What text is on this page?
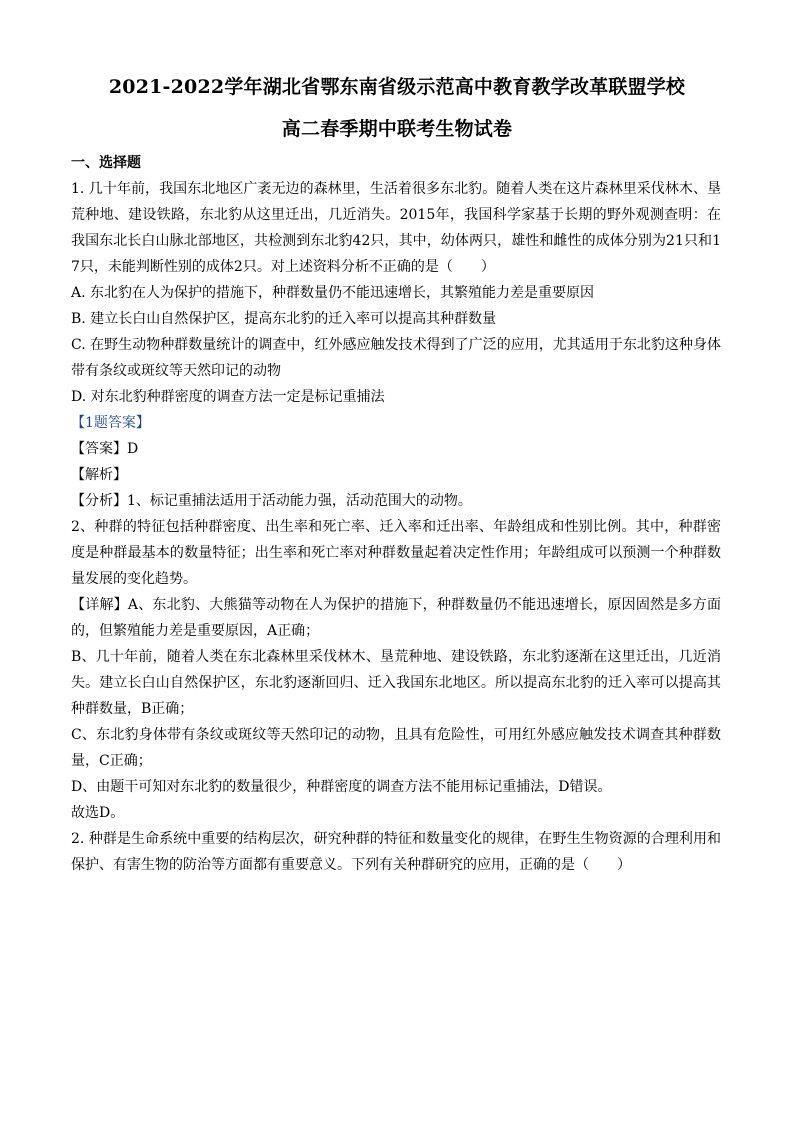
2021-2022学年湖北省鄂东南省级示范高中教育教学改革联盟学校
高二春季期中联考生物试卷

一、选择题

1. 几十年前，我国东北地区广袤无边的森林里，生活着很多东北豹。随着人类在这片森林里采伐林木、垦荒种地、建设铁路，东北豹从这里迁出，几近消失。2015年，我国科学家基于长期的野外观测查明：在我国东北长白山脉北部地区，共检测到东北豹42只，其中，幼体两只，雄性和雌性的成体分别为21只和17只，未能判断性别的成体2只。对上述资料分析不正确的是（　　）

A. 东北豹在人为保护的措施下，种群数量仍不能迅速增长，其繁殖能力差是重要原因

B. 建立长白山自然保护区，提高东北豹的迁入率可以提高其种群数量

C. 在野生动物种群数量统计的调查中，红外感应触发技术得到了广泛的应用，尤其适用于东北豹这种身体带有条纹或斑纹等天然印记的动物

D. 对东北豹种群密度的调查方法一定是标记重捕法

【1题答案】

【答案】D

【解析】

【分析】1、标记重捕法适用于活动能力强，活动范围大的动物。

2、种群的特征包括种群密度、出生率和死亡率、迁入率和迁出率、年龄组成和性别比例。其中，种群密度是种群最基本的数量特征；出生率和死亡率对种群数量起着决定性作用；年龄组成可以预测一个种群数量发展的变化趋势。

【详解】A、东北豹、大熊猫等动物在人为保护的措施下，种群数量仍不能迅速增长，原因固然是多方面的，但繁殖能力差是重要原因，A正确；

B、几十年前，随着人类在东北森林里采伐林木、垦荒种地、建设铁路，东北豹逐渐在这里迁出，几近消失。建立长白山自然保护区，东北豹逐渐回归、迁入我国东北地区。所以提高东北豹的迁入率可以提高其种群数量，B正确；

C、东北豹身体带有条纹或斑纹等天然印记的动物，且具有危险性，可用红外感应触发技术调查其种群数量，C正确；

D、由题干可知对东北豹的数量很少，种群密度的调查方法不能用标记重捕法，D错误。

故选D。

2. 种群是生命系统中重要的结构层次，研究种群的特征和数量变化的规律，在野生生物资源的合理利用和保护、有害生物的防治等方面都有重要意义。下列有关种群研究的应用，正确的是（　　）
